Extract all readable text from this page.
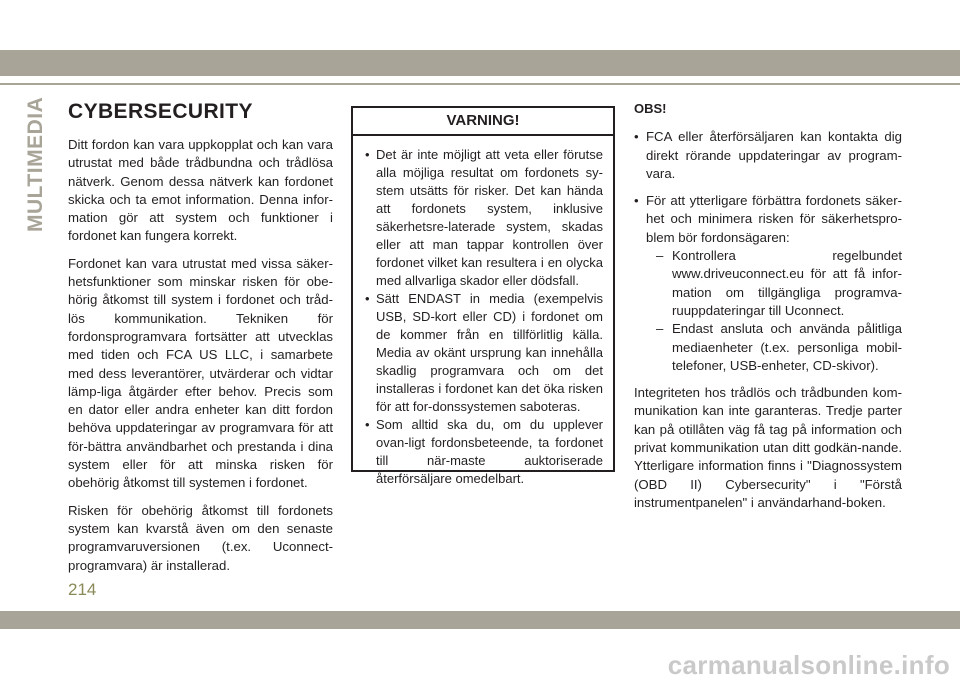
MULTIMEDIA CYBERSECURITY

Ditt fordon kan vara uppkopplat och kan vara utrustat med både trådbundna och trådlösa nätverk. Genom dessa nätverk kan fordonet skicka och ta emot information. Denna infor-mation gör att system och funktioner i fordonet kan fungera korrekt.

Fordonet kan vara utrustat med vissa säker-hetsfunktioner som minskar risken för obe-hörig åtkomst till system i fordonet och tråd-lös kommunikation. Tekniken för fordonsprogramvara fortsätter att utvecklas med tiden och FCA US LLC, i samarbete med dess leverantörer, utvärderar och vidtar lämp-liga åtgärder efter behov. Precis som en dator eller andra enheter kan ditt fordon behöva uppdateringar av programvara för att för-bättra användbarhet och prestanda i dina system eller för att minska risken för obehörig åtkomst till systemen i fordonet.

Risken för obehörig åtkomst till fordonets system kan kvarstå även om den senaste programvaruversionen (t.ex. Uconnect-programvara) är installerad.

VARNING!
• Det är inte möjligt att veta eller förutse alla möjliga resultat om fordonets sy-stem utsätts för risker. Det kan hända att fordonets system, inklusive säkerhetsre-laterade system, skadas eller att man tappar kontrollen över fordonet vilket kan resultera i en olycka med allvarliga skador eller dödsfall.
• Sätt ENDAST in media (exempelvis USB, SD-kort eller CD) i fordonet om de kommer från en tillförlitlig källa. Media av okänt ursprung kan innehålla skadlig programvara och om det installeras i fordonet kan det öka risken för att for-donssystemen saboteras.
• Som alltid ska du, om du upplever ovan-ligt fordonsbeteende, ta fordonet till när-maste auktoriserade återförsäljare omedelbart.
OBS!
• FCA eller återförsäljaren kan kontakta dig direkt rörande uppdateringar av program-vara.
• För att ytterligare förbättra fordonets säker-het och minimera risken för säkerhetspro-blem bör fordonsägaren:
– Kontrollera regelbundet www.driveuconnect.eu för att få infor-mation om tillgängliga programva-ruuppdateringar till Uconnect.
– Endast ansluta och använda pålitliga mediaenheter (t.ex. personliga mobil-telefoner, USB-enheter, CD-skivor).

Integriteten hos trådlös och trådbunden kom-munikation kan inte garanteras. Tredje parter kan på otillåten väg få tag på information och privat kommunikation utan ditt godkän-nande. Ytterligare information finns i "Diagnossystem (OBD II) Cybersecurity" i "Förstå instrumentpanelen" i användarhand-boken.

214
carmanualsonline.info
